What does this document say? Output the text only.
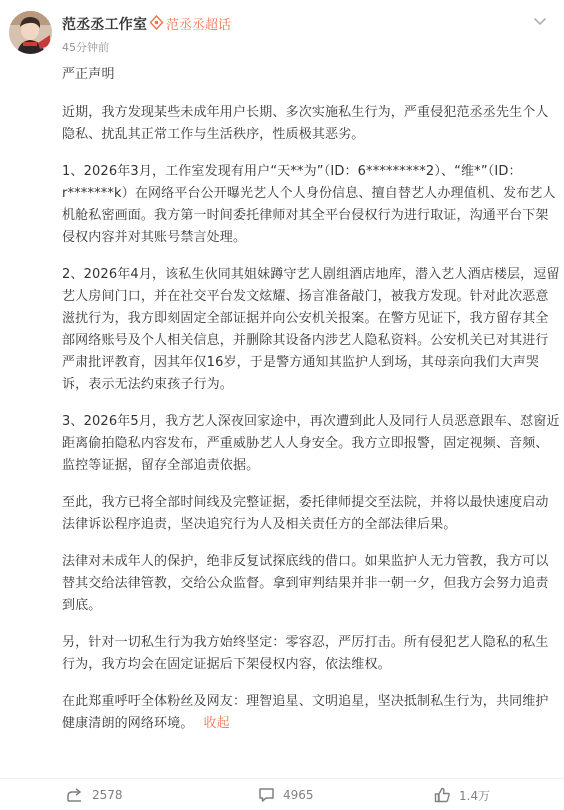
范丞丞工作室 范丞丞超话
45分钟前

严正声明

近期，我方发现某些未成年用户长期、多次实施私生行为，严重侵犯范丞丞先生个人隐私、扰乱其正常工作与生活秩序，性质极其恶劣。

1、2026年3月，工作室发现有用户“天**为”（ID：6*********2）、“维*”（ID：r*******k）在网络平台公开曝光艺人个人身份信息、擅自替艺人办理值机、发布艺人机舱私密画面。我方第一时间委托律师对其全平台侵权行为进行取证，沟通平台下架侵权内容并对其账号禁言处理。

2、2026年4月，该私生伙同其姐妹蹲守艺人剧组酒店地库，潜入艺人酒店楼层，逗留艺人房间门口，并在社交平台发文炫耀、扬言准备敲门，被我方发现。针对此次恶意滋扰行为，我方即刻固定全部证据并向公安机关报案。在警方见证下，我方留存其全部网络账号及个人相关信息，并删除其设备内涉艺人隐私资料。公安机关已对其进行严肃批评教育，因其年仅16岁，于是警方通知其监护人到场，其母亲向我们大声哭诉，表示无法约束孩子行为。

3、2026年5月，我方艺人深夜回家途中，再次遭到此人及同行人员恶意跟车、怼窗近距离偷拍隐私内容发布，严重威胁艺人人身安全。我方立即报警，固定视频、音频、监控等证据，留存全部追责依据。

至此，我方已将全部时间线及完整证据，委托律师提交至法院，并将以最快速度启动法律诉讼程序追责，坚决追究行为人及相关责任方的全部法律后果。

法律对未成年人的保护，绝非反复试探底线的借口。如果监护人无力管教，我方可以替其交给法律管教，交给公众监督。拿到审判结果并非一朝一夕，但我方会努力追责到底。

另，针对一切私生行为我方始终坚定：零容忍，严厉打击。所有侵犯艺人隐私的私生行为，我方均会在固定证据后下架侵权内容，依法维权。

在此郑重呼吁全体粉丝及网友：理智追星、文明追星，坚决抵制私生行为，共同维护健康清朗的网络环境。 收起

2578	4965	1.4万
